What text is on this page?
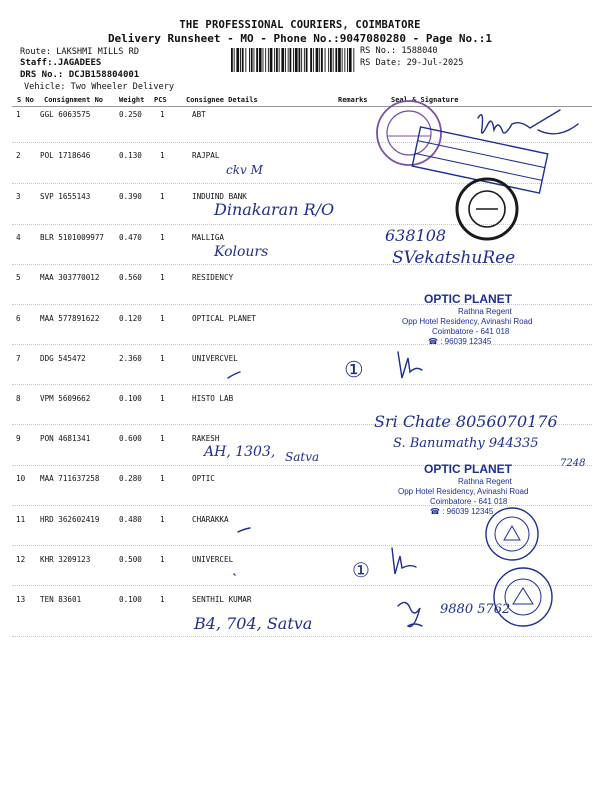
THE PROFESSIONAL COURIERS, COIMBATORE
Delivery Runsheet - MO - Phone No.:9047080280 - Page No.:1
Route: LAKSHMI MILLS RD
Staff:.JAGADEES
DRS No.: DCJB158804001
Vehicle: Two Wheeler Delivery
RS No.: 1588040
RS Date: 29-Jul-2025
S No Consignment No Weight PCS	Consignee Details	Remarks	Seal & Signature
1	GGL 6063575	0.250 1	ABT
2	POL 1718646	0.130 1	RAJPAL
3	SVP 1655143	0.390 1	INDUIND BANK
4	BLR 5101009977 0.470 1	MALLIGA
5	MAA 303770012	0.560 1	RESIDENCY
6	MAA 577891622	0.120 1	OPTICAL PLANET
7	DDG 545472	2.360 1	UNIVERCVEL
8	VPM 5609662	0.100 1	HISTO LAB
9	PON 4681341	0.600 1	RAKESH
10 MAA 711637258	0.280 1	OPTIC
11 HRD 362602419	0.480 1	CHARAKKA
12 KHR 3209123	0.500 1	UNIVERCEL
13 TEN 83601	0.100 1	SENTHIL KUMAR
ckv M
Dinakaran R/O
Kolours
638108
SVekatshuRee
①
AH, 1303, Satva
Sri Chate 8056070176
S. Banumathy 944335
7248
①
B4, 704, Satva
9880 5762
OPTIC PLANET
Rathna Regent
Opp Hotel Residency, Avinashi Road
Coimbatore - 641 018
☎ : 96039 12345
OPTIC PLANET
Rathna Regent
Opp Hotel Residency, Avinashi Road
Coimbatore - 641 018
☎ : 96039 12345
